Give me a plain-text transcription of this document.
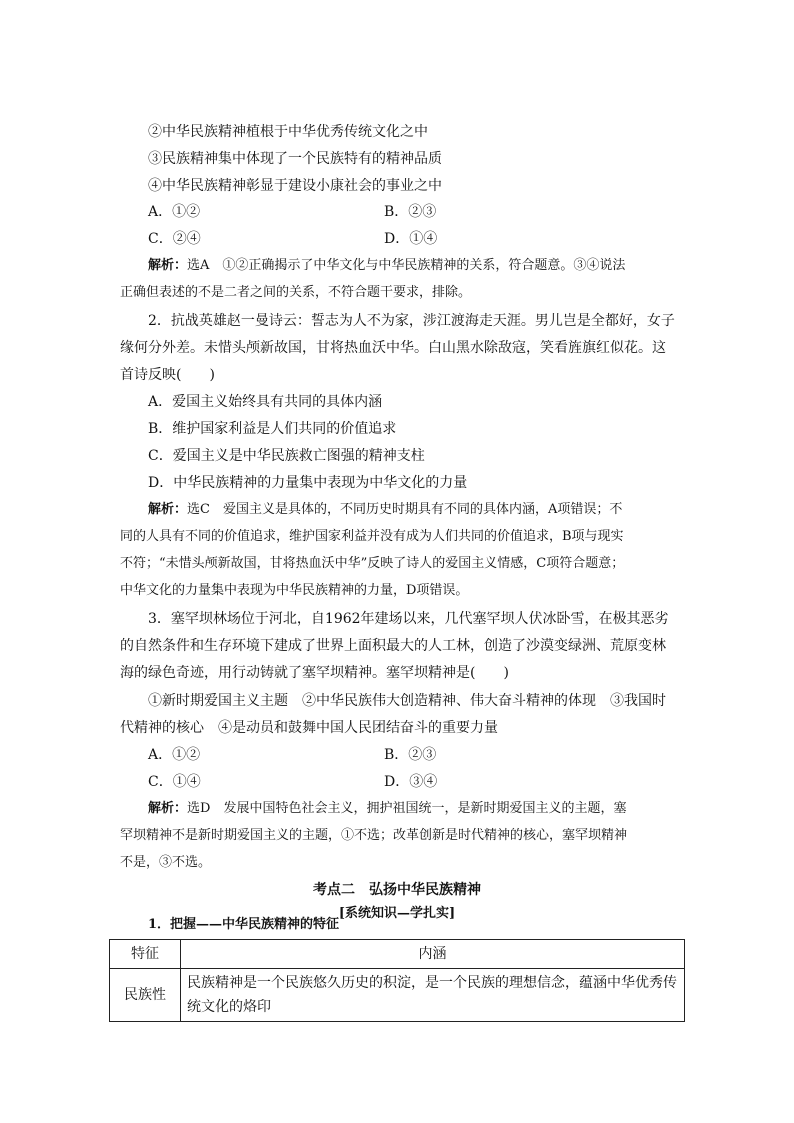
②中华民族精神植根于中华优秀传统文化之中
③民族精神集中体现了一个民族特有的精神品质
④中华民族精神彰显于建设小康社会的事业之中
A．①②	B．②③
C．②④	D．①④
解析：选A　①②正确揭示了中华文化与中华民族精神的关系，符合题意。③④说法
正确但表述的不是二者之间的关系，不符合题干要求，排除。
2．抗战英雄赵一曼诗云：誓志为人不为家，涉江渡海走天涯。男儿岂是全都好，女子
缘何分外差。未惜头颅新故国，甘将热血沃中华。白山黑水除敌寇，笑看旌旗红似花。这
首诗反映(　　)
A．爱国主义始终具有共同的具体内涵
B．维护国家利益是人们共同的价值追求
C．爱国主义是中华民族救亡图强的精神支柱
D．中华民族精神的力量集中表现为中华文化的力量
解析：选C　爱国主义是具体的，不同历史时期具有不同的具体内涵，A项错误；不
同的人具有不同的价值追求，维护国家利益并没有成为人们共同的价值追求，B项与现实
不符；“未惜头颅新故国，甘将热血沃中华”反映了诗人的爱国主义情感，C项符合题意；
中华文化的力量集中表现为中华民族精神的力量，D项错误。
3．塞罕坝林场位于河北，自1962年建场以来，几代塞罕坝人伏冰卧雪，在极其恶劣
的自然条件和生存环境下建成了世界上面积最大的人工林，创造了沙漠变绿洲、荒原变林
海的绿色奇迹，用行动铸就了塞罕坝精神。塞罕坝精神是(　　)
①新时期爱国主义主题　②中华民族伟大创造精神、伟大奋斗精神的体现　③我国时
代精神的核心　④是动员和鼓舞中国人民团结奋斗的重要力量
A．①②	B．②③
C．①④	D．③④
解析：选D　发展中国特色社会主义，拥护祖国统一，是新时期爱国主义的主题，塞
罕坝精神不是新时期爱国主义的主题，①不选；改革创新是时代精神的核心，塞罕坝精神
不是，③不选。
考点二　弘扬中华民族精神
[系统知识—学扎实]
1．把握——中华民族精神的特征
特征	内涵
民族性	民族精神是一个民族悠久历史的积淀，是一个民族的理想信念，蕴涵中华优秀传统文化的烙印
